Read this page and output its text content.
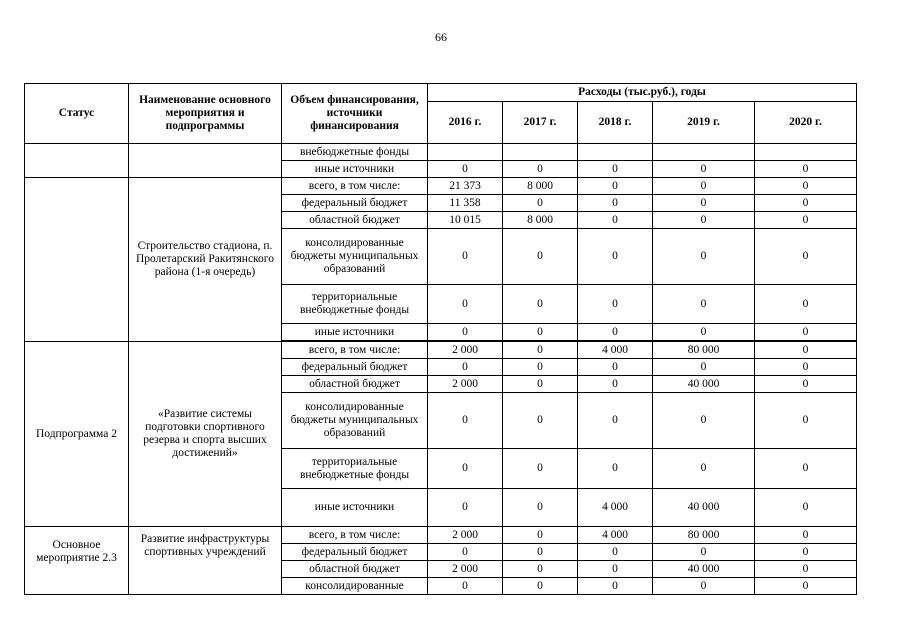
66
Статус	Наименование основного мероприятия и подпрограммы	Объем финансирования, источники финансирования	Расходы (тыс.руб.), годы				
			2016 г.	2017 г.	2018 г.	2019 г.	2020 г.
		внебюджетные фонды					
		иные источники	0	0	0	0	0
	Строительство стадиона, п. Пролетарский Ракитянского района (1-я очередь)	всего, в том числе:	21 373	8 000	0	0	0
		федеральный бюджет	11 358	0	0	0	0
		областной бюджет	10 015	8 000	0	0	0
		консолидированные бюджеты муниципальных образований	0	0	0	0	0
		территориальные внебюджетные фонды	0	0	0	0	0
		иные источники	0	0	0	0	0

Подпрограмма 2	«Развитие системы подготовки спортивного резерва и спорта высших достижений»	всего, в том числе:	2 000	0	4 000	80 000	0
		федеральный бюджет	0	0	0	0	0
		областной бюджет	2 000	0	0	40 000	0
		консолидированные бюджеты муниципальных образований	0	0	0	0	0
		территориальные внебюджетные фонды	0	0	0	0	0
		иные источники	0	0	4 000	40 000	0
Основное мероприятие 2.3	Развитие инфраструктуры спортивных учреждений	всего, в том числе:	2 000	0	4 000	80 000	0
		федеральный бюджет	0	0	0	0	0
		областной бюджет	2 000	0	0	40 000	0
		консолидированные	0	0	0	0	0
